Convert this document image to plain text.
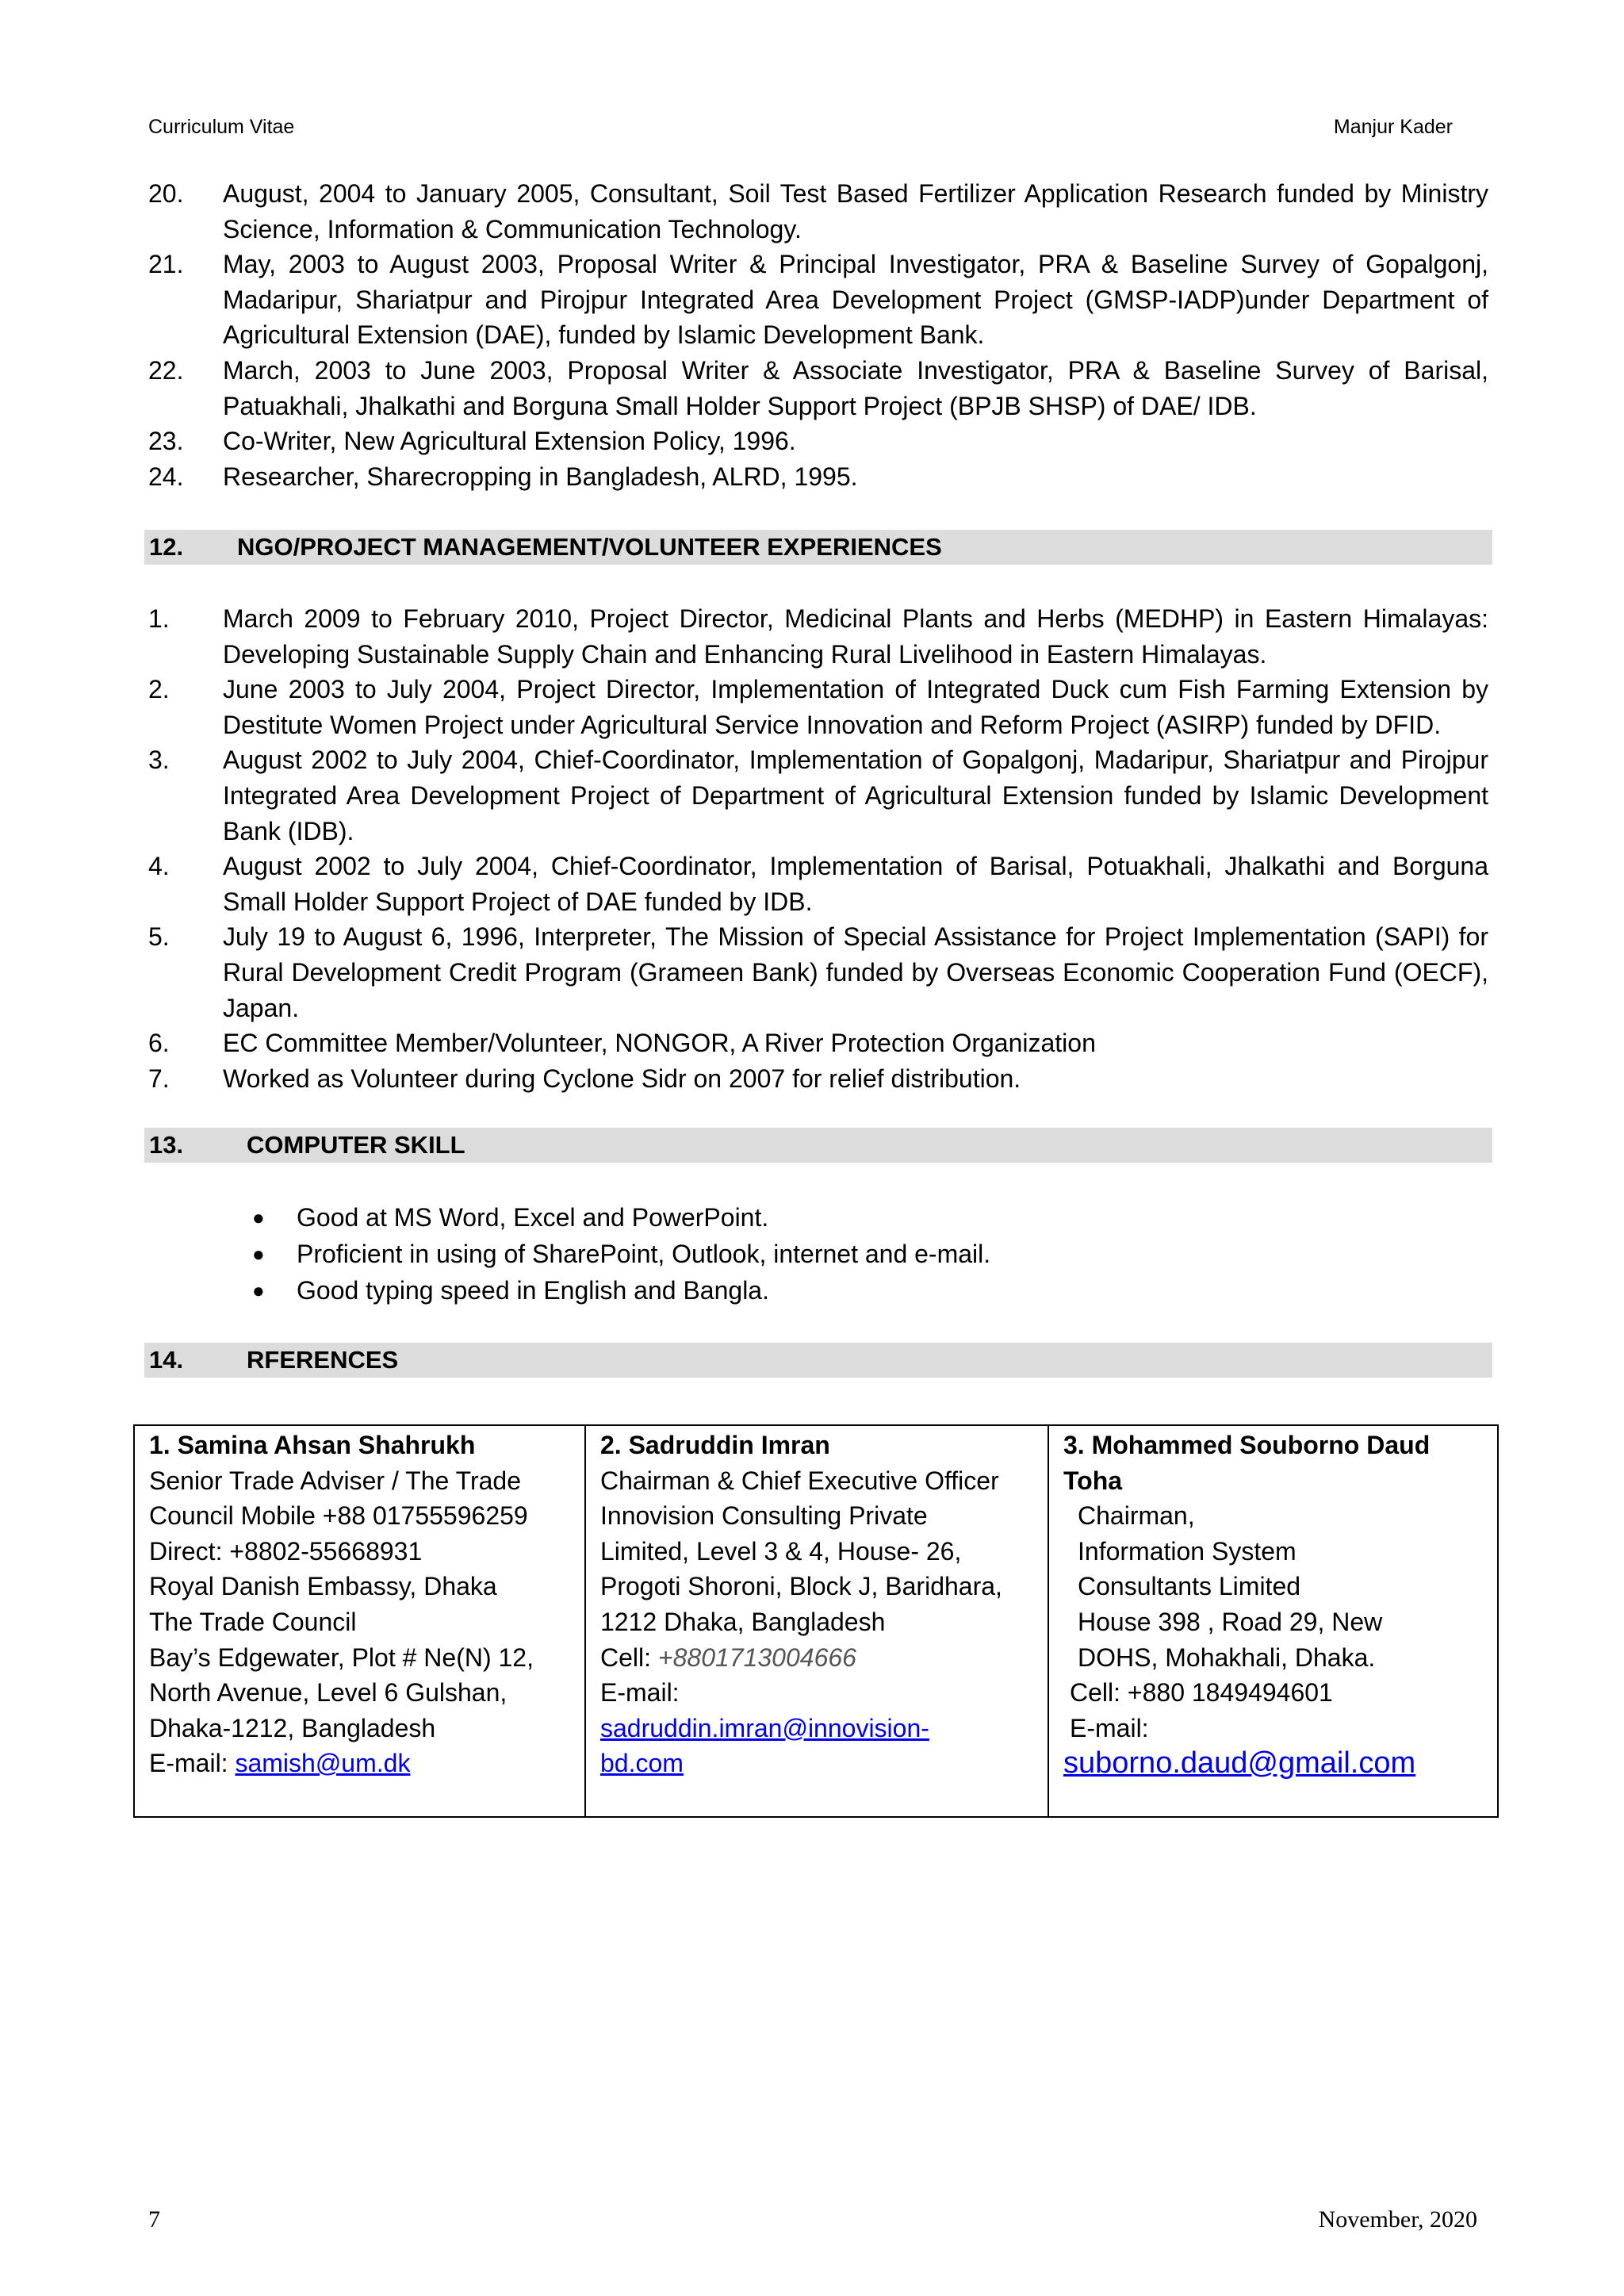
Curriculum Vitae	Manjur Kader
20.	August, 2004 to January 2005, Consultant, Soil Test Based Fertilizer Application Research funded by Ministry Science, Information & Communication Technology.
21.	May, 2003 to August 2003, Proposal Writer & Principal Investigator, PRA & Baseline Survey of Gopalgonj, Madaripur, Shariatpur and Pirojpur Integrated Area Development Project (GMSP-IADP)under Department of Agricultural Extension (DAE), funded by Islamic Development Bank.
22.	March, 2003 to June 2003, Proposal Writer & Associate Investigator, PRA & Baseline Survey of Barisal, Patuakhali, Jhalkathi and Borguna Small Holder Support Project (BPJB SHSP) of DAE/ IDB.
23.	Co-Writer, New Agricultural Extension Policy, 1996.
24.	Researcher, Sharecropping in Bangladesh, ALRD, 1995.
12. NGO/PROJECT MANAGEMENT/VOLUNTEER EXPERIENCES
1.	March 2009 to February 2010, Project Director, Medicinal Plants and Herbs (MEDHP) in Eastern Himalayas: Developing Sustainable Supply Chain and Enhancing Rural Livelihood in Eastern Himalayas.
2.	June 2003 to July 2004, Project Director, Implementation of Integrated Duck cum Fish Farming Extension by Destitute Women Project under Agricultural Service Innovation and Reform Project (ASIRP) funded by DFID.
3.	August 2002 to July 2004, Chief-Coordinator, Implementation of Gopalgonj, Madaripur, Shariatpur and Pirojpur Integrated Area Development Project of Department of Agricultural Extension funded by Islamic Development Bank (IDB).
4.	August 2002 to July 2004, Chief-Coordinator, Implementation of Barisal, Potuakhali, Jhalkathi and Borguna Small Holder Support Project of DAE funded by IDB.
5.	July 19 to August 6, 1996, Interpreter, The Mission of Special Assistance for Project Implementation (SAPI) for Rural Development Credit Program (Grameen Bank) funded by Overseas Economic Cooperation Fund (OECF), Japan.
6.	EC Committee Member/Volunteer, NONGOR, A River Protection Organization
7.	Worked as Volunteer during Cyclone Sidr on 2007 for relief distribution.
13.	COMPUTER SKILL
●	Good at MS Word, Excel and PowerPoint.
●	Proficient in using of SharePoint, Outlook, internet and e-mail.
●	Good typing speed in English and Bangla.
14.	RFERENCES
1. Samina Ahsan Shahrukh
Senior Trade Adviser / The Trade
Council Mobile +88 01755596259
Direct: +8802-55668931
Royal Danish Embassy, Dhaka
The Trade Council
Bay’s Edgewater, Plot # Ne(N) 12,
North Avenue, Level 6 Gulshan,
Dhaka-1212, Bangladesh
E-mail: samish@um.dk

2. Sadruddin Imran
Chairman & Chief Executive Officer
Innovision Consulting Private
Limited, Level 3 & 4, House- 26,
Progoti Shoroni, Block J, Baridhara,
1212 Dhaka, Bangladesh
Cell: +8801713004666
E-mail:
sadruddin.imran@innovision-
bd.com

3. Mohammed Souborno Daud
Toha
Chairman,
Information System
Consultants Limited
House 398 , Road 29, New
DOHS, Mohakhali, Dhaka.
Cell: +880 1849494601
E-mail:
suborno.daud@gmail.com
7	November, 2020
